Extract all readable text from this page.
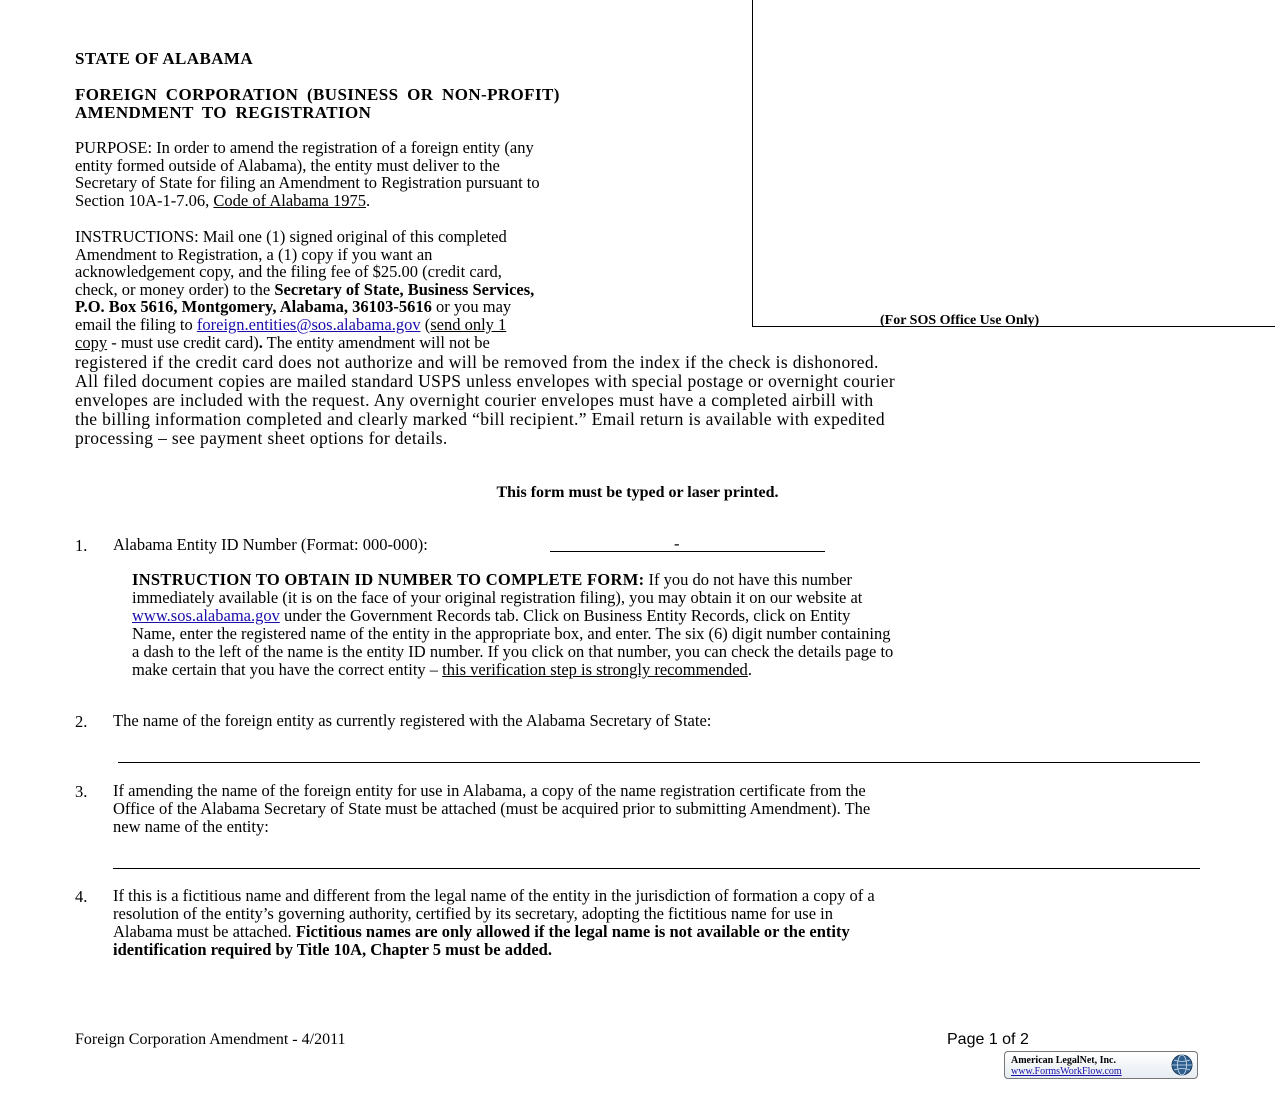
(For SOS Office Use Only)
STATE OF ALABAMA
FOREIGN CORPORATION (BUSINESS OR NON-PROFIT)
AMENDMENT TO REGISTRATION
PURPOSE: In order to amend the registration of a foreign entity (any
entity formed outside of Alabama), the entity must deliver to the
Secretary of State for filing an Amendment to Registration pursuant to
Section 10A-1-7.06, Code of Alabama 1975.
INSTRUCTIONS: Mail one (1) signed original of this completed
Amendment to Registration, a (1) copy if you want an
acknowledgement copy, and the filing fee of $25.00 (credit card,
check, or money order) to the Secretary of State, Business Services,
P.O. Box 5616, Montgomery, Alabama, 36103-5616 or you may
email the filing to foreign.entities@sos.alabama.gov (send only 1
copy - must use credit card). The entity amendment will not be
registered if the credit card does not authorize and will be removed from the index if the check is dishonored.
All filed document copies are mailed standard USPS unless envelopes with special postage or overnight courier
envelopes are included with the request. Any overnight courier envelopes must have a completed airbill with
the billing information completed and clearly marked “bill recipient.” Email return is available with expedited
processing – see payment sheet options for details.
This form must be typed or laser printed.
1. Alabama Entity ID Number (Format: 000-000):	-
INSTRUCTION TO OBTAIN ID NUMBER TO COMPLETE FORM: If you do not have this number
immediately available (it is on the face of your original registration filing), you may obtain it on our website at
www.sos.alabama.gov under the Government Records tab. Click on Business Entity Records, click on Entity
Name, enter the registered name of the entity in the appropriate box, and enter. The six (6) digit number containing
a dash to the left of the name is the entity ID number. If you click on that number, you can check the details page to
make certain that you have the correct entity – this verification step is strongly recommended.
2. The name of the foreign entity as currently registered with the Alabama Secretary of State:
3. If amending the name of the foreign entity for use in Alabama, a copy of the name registration certificate from the
Office of the Alabama Secretary of State must be attached (must be acquired prior to submitting Amendment). The
new name of the entity:
4. If this is a fictitious name and different from the legal name of the entity in the jurisdiction of formation a copy of a
resolution of the entity’s governing authority, certified by its secretary, adopting the fictitious name for use in
Alabama must be attached. Fictitious names are only allowed if the legal name is not available or the entity
identification required by Title 10A, Chapter 5 must be added.
Foreign Corporation Amendment - 4/2011	Page 1 of 2
American LegalNet, Inc.
www.FormsWorkFlow.com
